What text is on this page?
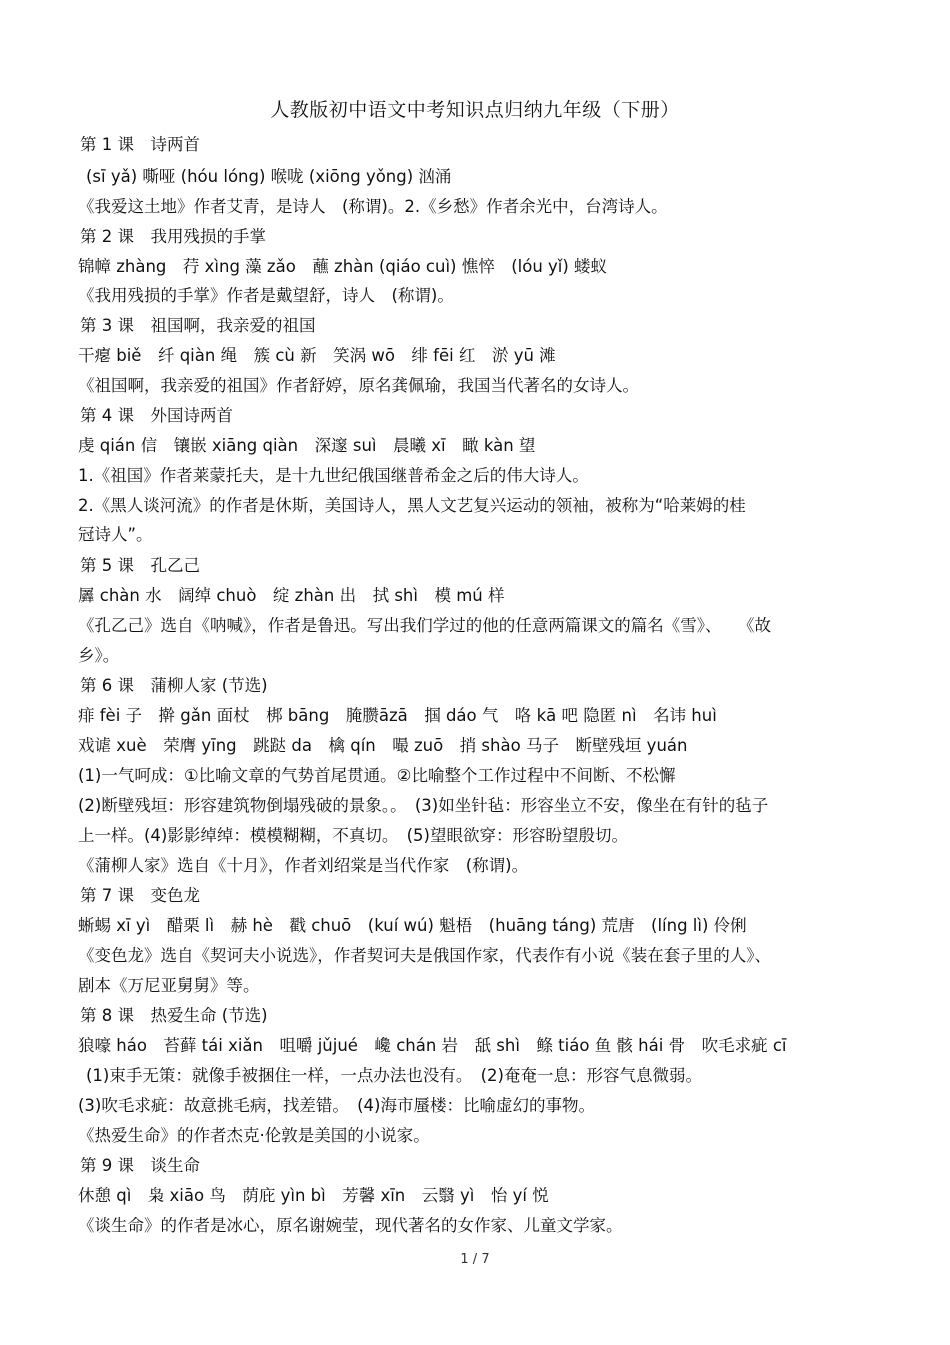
人教版初中语文中考知识点归纳九年级（下册）
第 1 课　诗两首
(sī yǎ) 嘶哑 (hóu lóng) 喉咙 (xiōng yǒng) 汹涌
《我爱这土地》作者艾青，是诗人　(称谓)。2.《乡愁》作者余光中，台湾诗人。
第 2 课　我用残损的手掌
锦幛 zhàng　荇 xìng 藻 zǎo　蘸 zhàn (qiáo cuì) 憔悴　(lóu yǐ) 蝼蚁
《我用残损的手掌》作者是戴望舒，诗人　(称谓)。
第 3 课　祖国啊，我亲爱的祖国
干瘪 biě　纤 qiàn 绳　簇 cù 新　笑涡 wō　绯 fēi 红　淤 yū 滩
《祖国啊，我亲爱的祖国》作者舒婷，原名龚佩瑜，我国当代著名的女诗人。
第 4 课　外国诗两首
虔 qián 信　镶嵌 xiāng qiàn　深邃 suì　晨曦 xī　瞰 kàn 望
1.《祖国》作者莱蒙托夫，是十九世纪俄国继普希金之后的伟大诗人。
2.《黑人谈河流》的作者是休斯，美国诗人，黑人文艺复兴运动的领袖，被称为“哈莱姆的桂
冠诗人”。
第 5 课　孔乙己
羼 chàn 水　阔绰 chuò　绽 zhàn 出　拭 shì　模 mú 样
《孔乙己》选自《呐喊》，作者是鲁迅。写出我们学过的他的任意两篇课文的篇名《雪》、　　《故
乡》。
第 6 课　蒲柳人家 (节选)
痱 fèi 子　擀 gǎn 面杖　梆 bāng　腌臜āzā　掴 dáo 气　咯 kā 吧 隐匿 nì　名讳 huì
戏谑 xuè　荣膺 yīng　跳跶 da　檎 qín　嘬 zuō　捎 shào 马子　断壁残垣 yuán
(1)一气呵成：①比喻文章的气势首尾贯通。②比喻整个工作过程中不间断、不松懈
(2)断壁残垣：形容建筑物倒塌残破的景象。。　(3)如坐针毡：形容坐立不安，像坐在有针的毡子
上一样。(4)影影绰绰：模模糊糊，不真切。　(5)望眼欲穿：形容盼望殷切。
《蒲柳人家》选自《十月》，作者刘绍棠是当代作家　(称谓)。
第 7 课　变色龙
蜥蜴 xī yì　醋栗 lì　赫 hè　戳 chuō　(kuí wú) 魁梧　(huāng táng) 荒唐　(líng lì) 伶俐
《变色龙》选自《契诃夫小说选》，作者契诃夫是俄国作家，代表作有小说《装在套子里的人》、
剧本《万尼亚舅舅》等。
第 8 课　热爱生命 (节选)
狼嚎 háo　苔藓 tái xiǎn　咀嚼 jǔjué　巉 chán 岩　舐 shì　鲦 tiáo 鱼 骸 hái 骨　吹毛求疵 cī
(1)束手无策：就像手被捆住一样，一点办法也没有。　(2)奄奄一息：形容气息微弱。
(3)吹毛求疵：故意挑毛病，找差错。　(4)海市蜃楼：比喻虚幻的事物。
《热爱生命》的作者杰克·伦敦是美国的小说家。
第 9 课　谈生命
休憩 qì　枭 xiāo 鸟　荫庇 yìn bì　芳馨 xīn　云翳 yì　怡 yí 悦
《谈生命》的作者是冰心，原名谢婉莹，现代著名的女作家、儿童文学家。
1 / 7
